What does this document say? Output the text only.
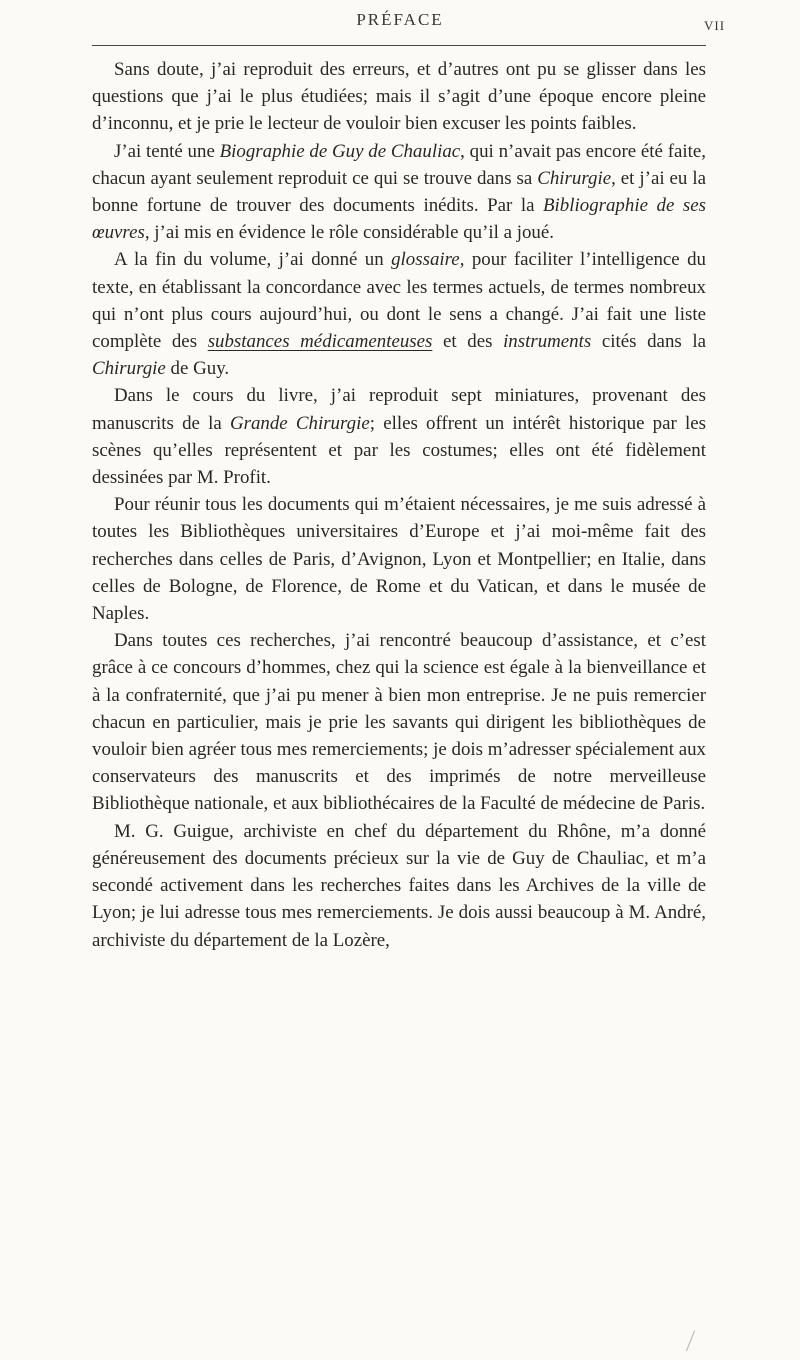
PRÉFACE	VII

Sans doute, j’ai reproduit des erreurs, et d’autres ont pu se glisser dans les questions que j’ai le plus étudiées; mais il s’agit d’une époque encore pleine d’inconnu, et je prie le lecteur de vouloir bien excuser les points faibles.

J’ai tenté une Biographie de Guy de Chauliac, qui n’avait pas encore été faite, chacun ayant seulement reproduit ce qui se trouve dans sa Chirurgie, et j’ai eu la bonne fortune de trouver des documents inédits. Par la Bibliographie de ses œuvres, j’ai mis en évidence le rôle considérable qu’il a joué.

A la fin du volume, j’ai donné un glossaire, pour faciliter l’intelligence du texte, en établissant la concordance avec les termes actuels, de termes nombreux qui n’ont plus cours aujourd’hui, ou dont le sens a changé. J’ai fait une liste complète des substances médicamenteuses et des instruments cités dans la Chirurgie de Guy.

Dans le cours du livre, j’ai reproduit sept miniatures, provenant des manuscrits de la Grande Chirurgie; elles offrent un intérêt historique par les scènes qu’elles représentent et par les costumes; elles ont été fidèlement dessinées par M. Profit.

Pour réunir tous les documents qui m’étaient nécessaires, je me suis adressé à toutes les Bibliothèques universitaires d’Europe et j’ai moi-même fait des recherches dans celles de Paris, d’Avignon, Lyon et Montpellier; en Italie, dans celles de Bologne, de Florence, de Rome et du Vatican, et dans le musée de Naples.

Dans toutes ces recherches, j’ai rencontré beaucoup d’assistance, et c’est grâce à ce concours d’hommes, chez qui la science est égale à la bienveillance et à la confraternité, que j’ai pu mener à bien mon entreprise. Je ne puis remercier chacun en particulier, mais je prie les savants qui dirigent les bibliothèques de vouloir bien agréer tous mes remerciements; je dois m’adresser spécialement aux conservateurs des manuscrits et des imprimés de notre merveilleuse Bibliothèque nationale, et aux bibliothécaires de la Faculté de médecine de Paris.

M. G. Guigue, archiviste en chef du département du Rhône, m’a donné généreusement des documents précieux sur la vie de Guy de Chauliac, et m’a secondé activement dans les recherches faites dans les Archives de la ville de Lyon; je lui adresse tous mes remerciements. Je dois aussi beaucoup à M. André, archiviste du département de la Lozère,
